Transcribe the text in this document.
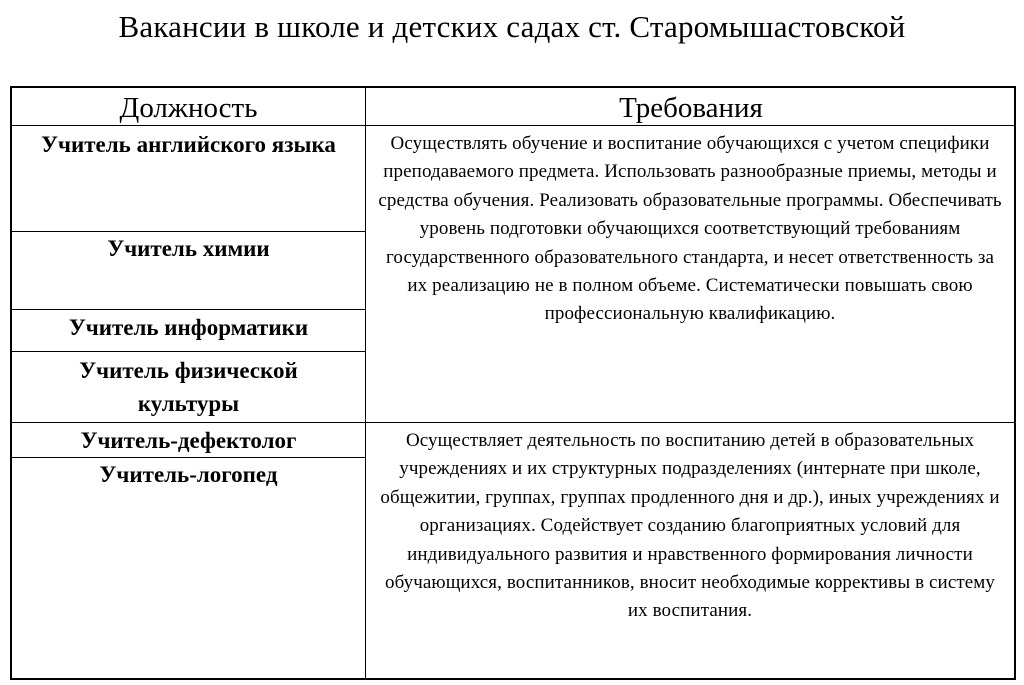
Вакансии в школе и детских садах ст. Старомышастовской
Должность	Требования
Учитель английского языка
Учитель химии
Учитель информатики
Учитель физической культуры
Учитель-дефектолог
Учитель-логопед
Осуществлять обучение и воспитание обучающихся с учетом специфики преподаваемого предмета. Использовать разнообразные приемы, методы и средства обучения. Реализовать образовательные программы. Обеспечивать уровень подготовки обучающихся соответствующий требованиям государственного образовательного стандарта, и несет ответственность за их реализацию не в полном объеме. Систематически повышать свою профессиональную квалификацию.
Осуществляет деятельность по воспитанию детей в образовательных учреждениях и их структурных подразделениях (интернате при школе, общежитии, группах, группах продленного дня и др.), иных учреждениях и организациях. Содействует созданию благоприятных условий для индивидуального развития и нравственного формирования личности обучающихся, воспитанников, вносит необходимые коррективы в систему их воспитания.
